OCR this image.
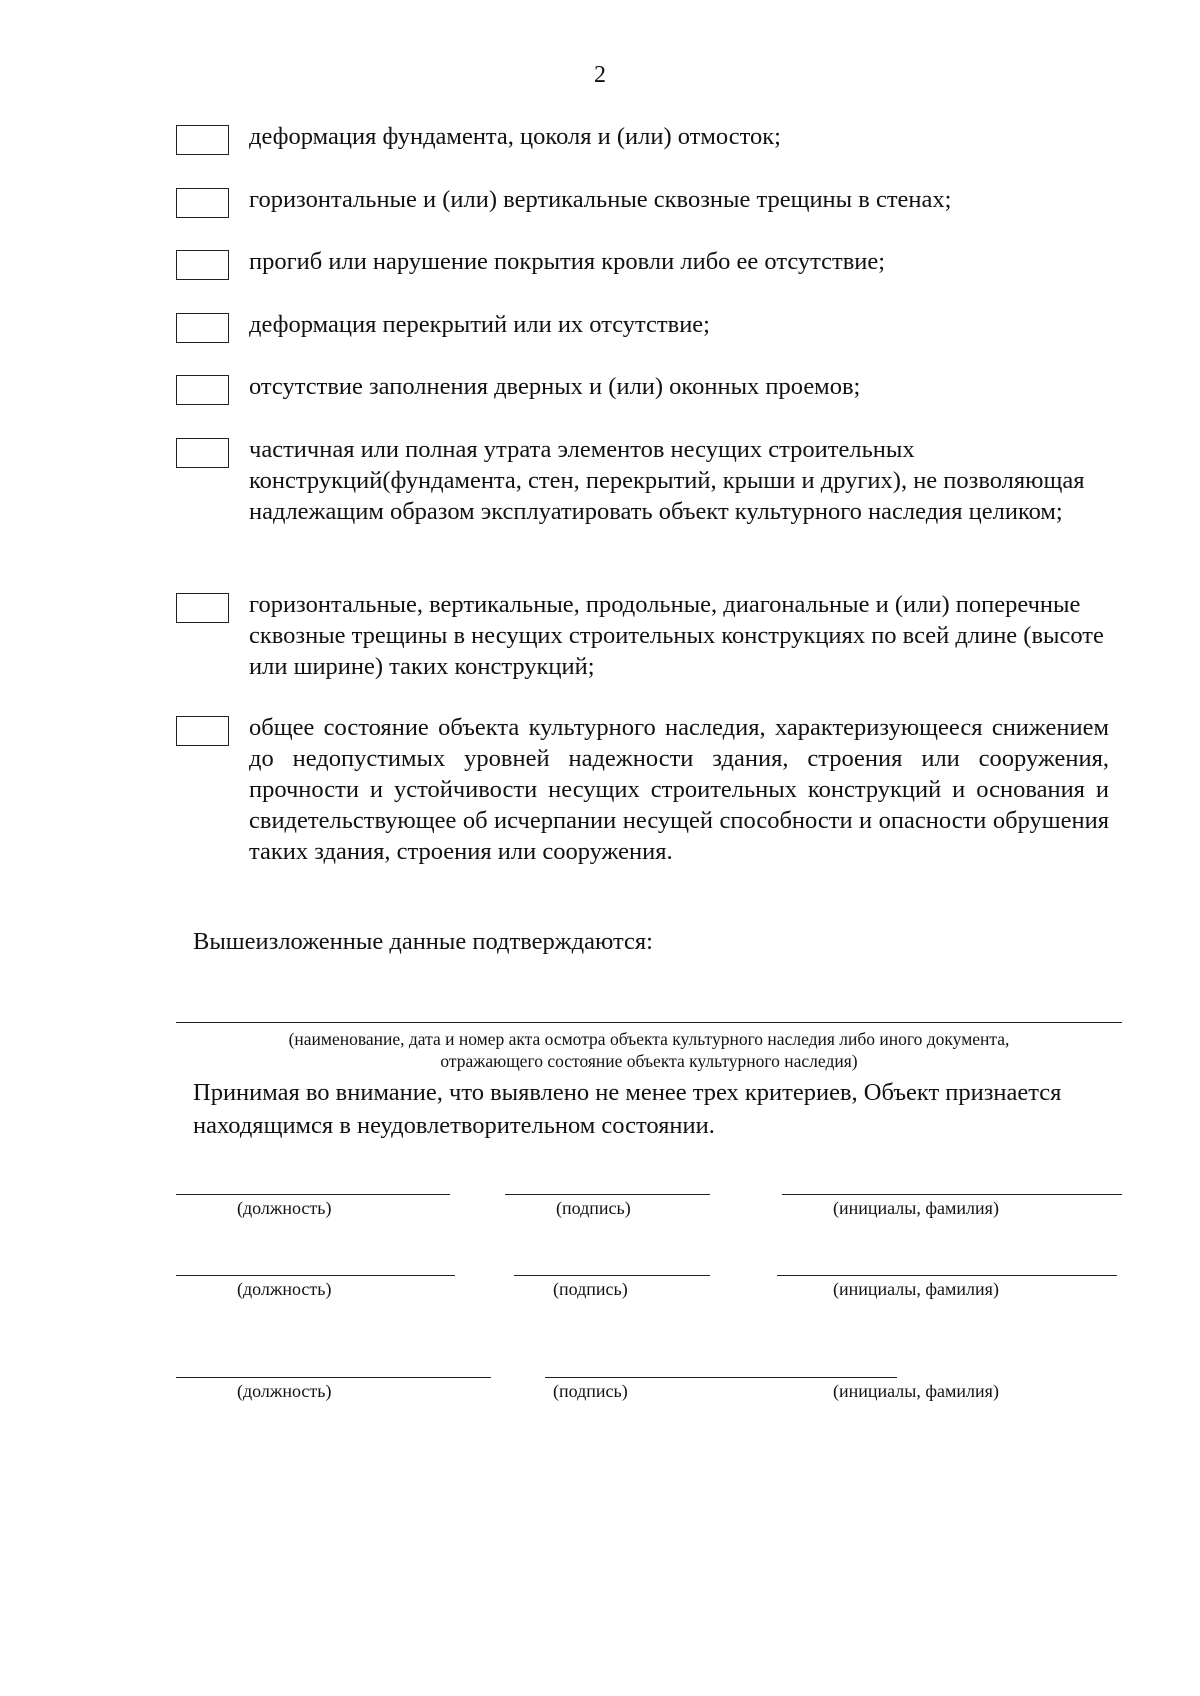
2
деформация фундамента, цоколя и (или) отмосток;
горизонтальные и (или) вертикальные сквозные трещины в стенах;
прогиб или нарушение покрытия кровли либо ее отсутствие;
деформация перекрытий или их отсутствие;
отсутствие заполнения дверных и (или) оконных проемов;
частичная или полная утрата элементов несущих строительных конструкций(фундамента, стен, перекрытий, крыши и других), не позволяющая надлежащим образом эксплуатировать объект культурного наследия целиком;
горизонтальные, вертикальные, продольные, диагональные и (или) поперечные сквозные трещины в несущих строительных конструкциях по всей длине (высоте или ширине) таких конструкций;
общее состояние объекта культурного наследия, характеризующееся снижением до недопустимых уровней надежности здания, строения или сооружения, прочности и устойчивости несущих строительных конструкций и основания и свидетельствующее об исчерпании несущей способности и опасности обрушения таких здания, строения или сооружения.
Вышеизложенные данные подтверждаются:
(наименование, дата и номер акта осмотра объекта культурного наследия либо иного документа,
отражающего состояние объекта культурного наследия)
Принимая во внимание, что выявлено не менее трех критериев, Объект признается находящимся в неудовлетворительном состоянии.
(должность)	(подпись)	(инициалы, фамилия)
(должность)	(подпись)	(инициалы, фамилия)
(должность)	(подпись)	(инициалы, фамилия)
